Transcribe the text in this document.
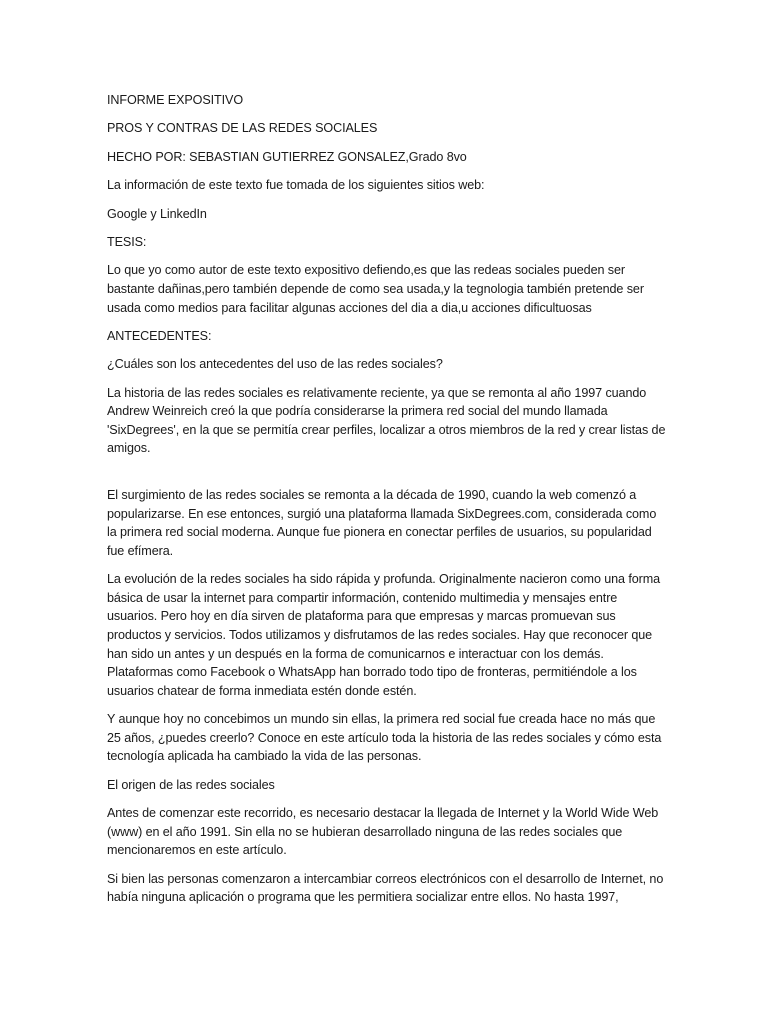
INFORME EXPOSITIVO

PROS Y CONTRAS DE LAS REDES SOCIALES

HECHO POR: SEBASTIAN GUTIERREZ GONSALEZ,Grado 8vo

La información de este texto fue tomada de los siguientes sitios web:

Google y LinkedIn

TESIS:

Lo que yo como autor de este texto expositivo defiendo,es que las redeas sociales pueden ser bastante dañinas,pero también depende de como sea usada,y la tegnologia también pretende ser usada como medios para facilitar algunas acciones del dia a dia,u acciones dificultuosas

ANTECEDENTES:

¿Cuáles son los antecedentes del uso de las redes sociales?

La historia de las redes sociales es relativamente reciente, ya que se remonta al año 1997 cuando Andrew Weinreich creó la que podría considerarse la primera red social del mundo llamada 'SixDegrees', en la que se permitía crear perfiles, localizar a otros miembros de la red y crear listas de amigos.

El surgimiento de las redes sociales se remonta a la década de 1990, cuando la web comenzó a popularizarse. En ese entonces, surgió una plataforma llamada SixDegrees.com, considerada como la primera red social moderna. Aunque fue pionera en conectar perfiles de usuarios, su popularidad fue efímera.

La evolución de la redes sociales ha sido rápida y profunda. Originalmente nacieron como una forma básica de usar la internet para compartir información, contenido multimedia y mensajes entre usuarios. Pero hoy en día sirven de plataforma para que empresas y marcas promuevan sus productos y servicios. Todos utilizamos y disfrutamos de las redes sociales. Hay que reconocer que han sido un antes y un después en la forma de comunicarnos e interactuar con los demás. Plataformas como Facebook o WhatsApp han borrado todo tipo de fronteras, permitiéndole a los usuarios chatear de forma inmediata estén donde estén.

Y aunque hoy no concebimos un mundo sin ellas, la primera red social fue creada hace no más que 25 años, ¿puedes creerlo? Conoce en este artículo toda la historia de las redes sociales y cómo esta tecnología aplicada ha cambiado la vida de las personas.

El origen de las redes sociales

Antes de comenzar este recorrido, es necesario destacar la llegada de Internet y la World Wide Web (www) en el año 1991. Sin ella no se hubieran desarrollado ninguna de las redes sociales que mencionaremos en este artículo.

Si bien las personas comenzaron a intercambiar correos electrónicos con el desarrollo de Internet, no había ninguna aplicación o programa que les permitiera socializar entre ellos. No hasta 1997,
